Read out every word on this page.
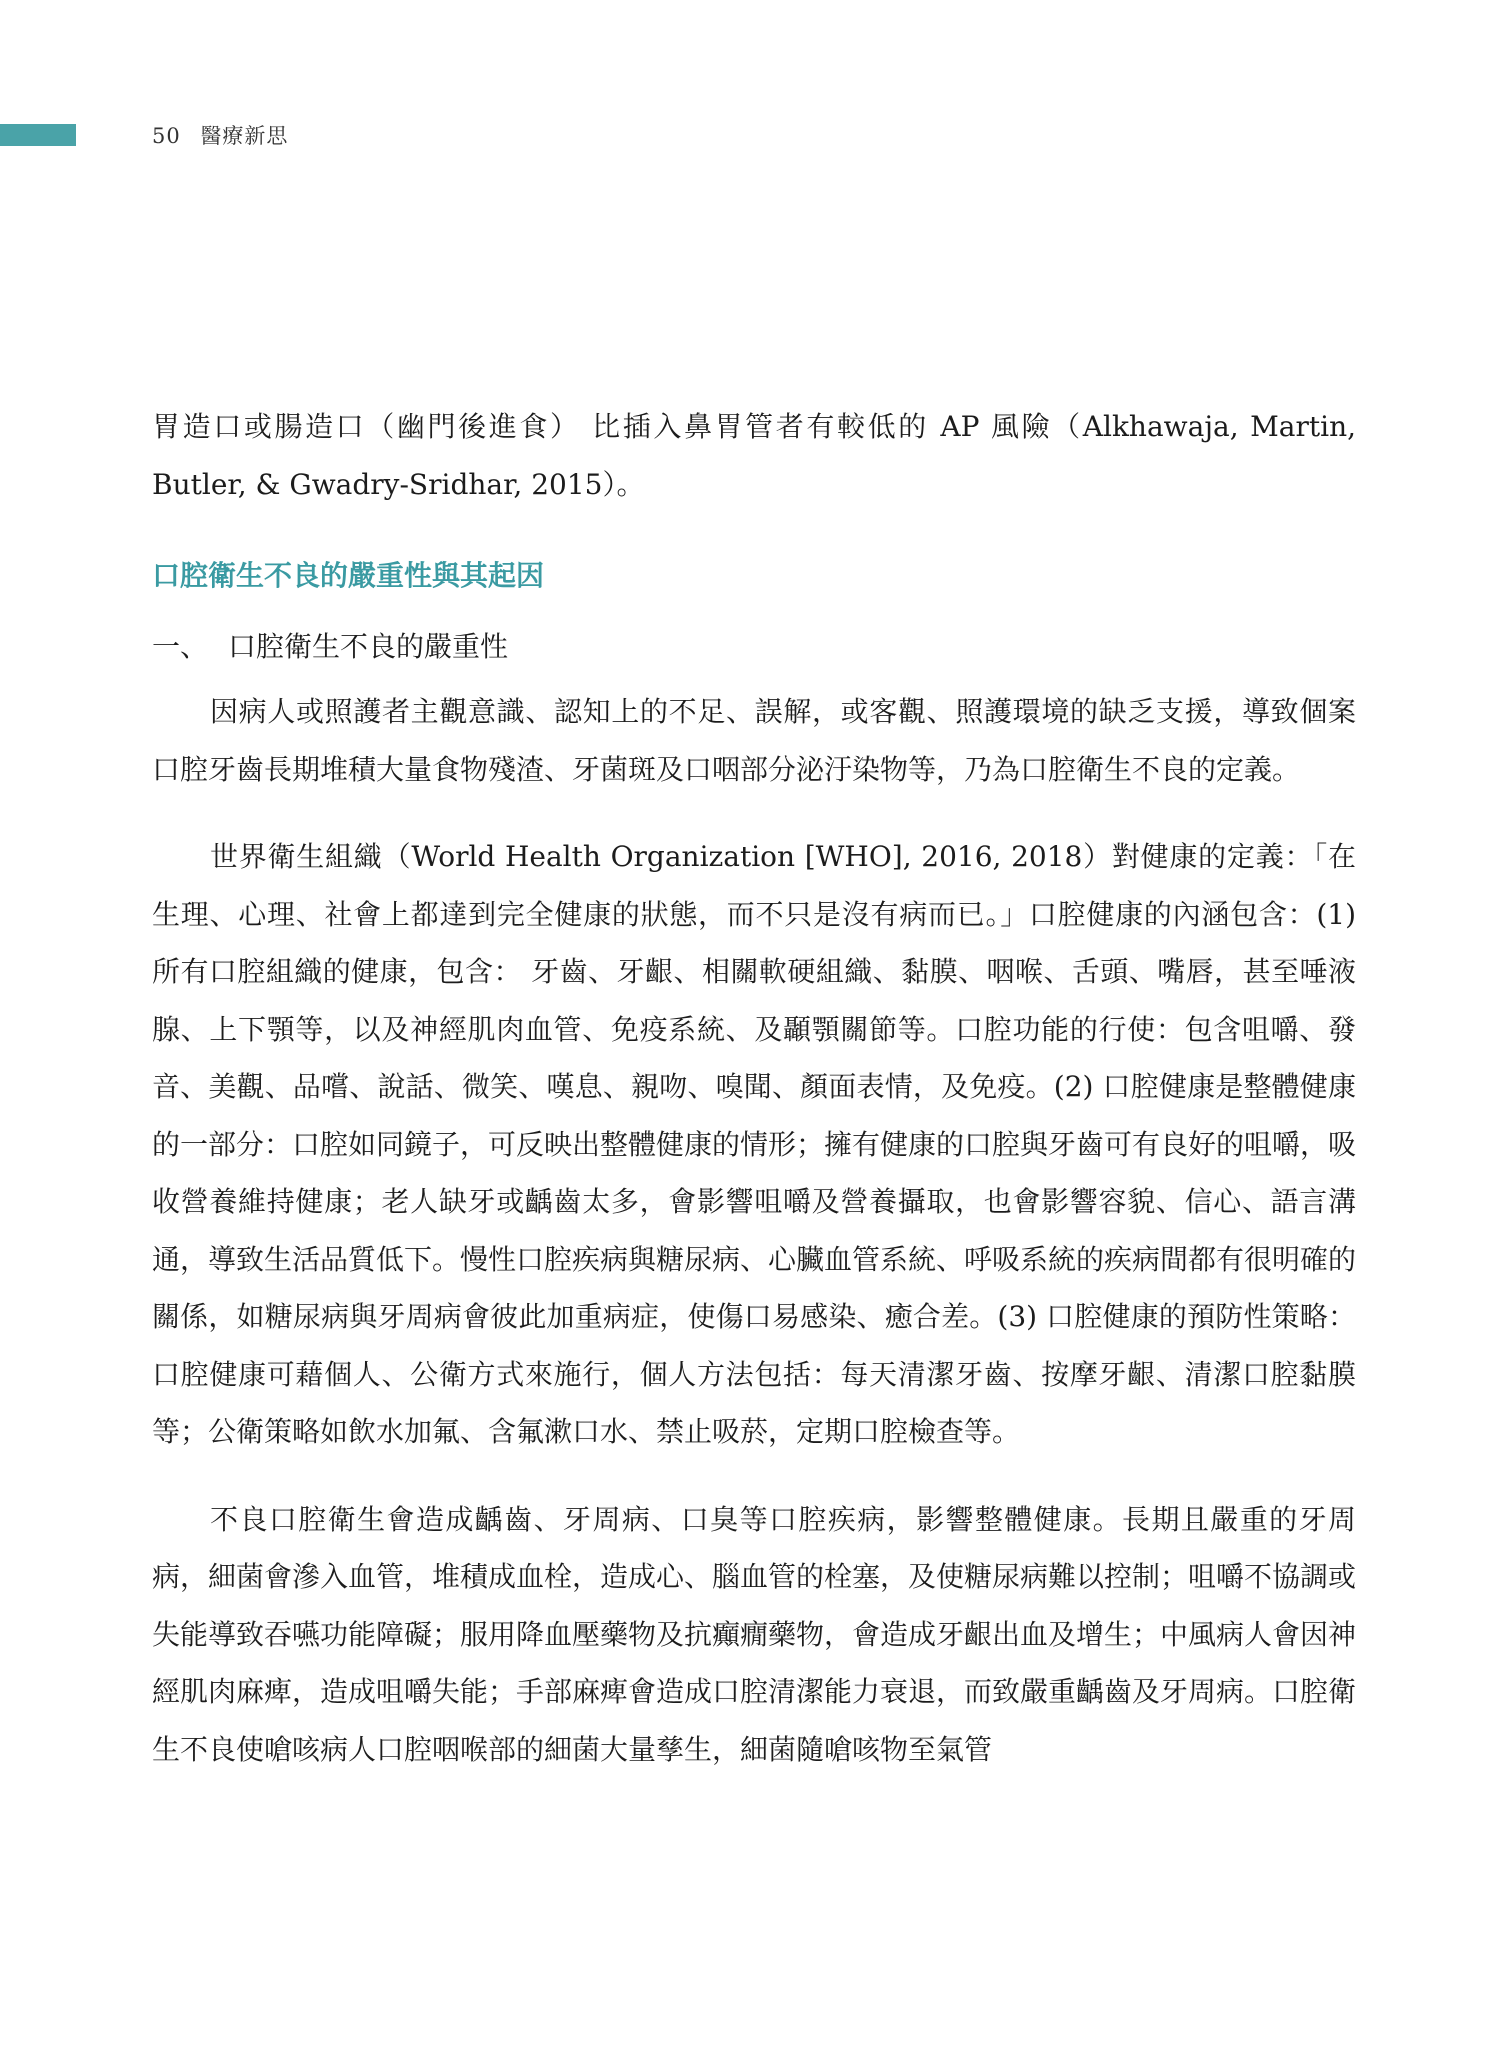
50 醫療新思

胃造口或腸造口（幽門後進食） 比插入鼻胃管者有較低的 AP 風險（Alkhawaja, Martin, Butler, & Gwadry-Sridhar, 2015）。

口腔衛生不良的嚴重性與其起因
一、 口腔衛生不良的嚴重性

因病人或照護者主觀意識、認知上的不足、誤解，或客觀、照護環境的缺乏支援，導致個案口腔牙齒長期堆積大量食物殘渣、牙菌斑及口咽部分泌汙染物等，乃為口腔衛生不良的定義。

世界衛生組織（World Health Organization [WHO], 2016, 2018）對健康的定義：「在生理、心理、社會上都達到完全健康的狀態，而不只是沒有病而已。」口腔健康的內涵包含：(1) 所有口腔組織的健康，包含： 牙齒、牙齦、相關軟硬組織、黏膜、咽喉、舌頭、嘴唇，甚至唾液腺、上下顎等，以及神經肌肉血管、免疫系統、及顳顎關節等。口腔功能的行使：包含咀嚼、發音、美觀、品嚐、說話、微笑、嘆息、親吻、嗅聞、顏面表情，及免疫。(2) 口腔健康是整體健康的一部分：口腔如同鏡子，可反映出整體健康的情形；擁有健康的口腔與牙齒可有良好的咀嚼，吸收營養維持健康；老人缺牙或齲齒太多，會影響咀嚼及營養攝取，也會影響容貌、信心、語言溝通，導致生活品質低下。慢性口腔疾病與糖尿病、心臟血管系統、呼吸系統的疾病間都有很明確的關係，如糖尿病與牙周病會彼此加重病症，使傷口易感染、癒合差。(3) 口腔健康的預防性策略：口腔健康可藉個人、公衛方式來施行，個人方法包括：每天清潔牙齒、按摩牙齦、清潔口腔黏膜等；公衛策略如飲水加氟、含氟漱口水、禁止吸菸，定期口腔檢查等。

不良口腔衛生會造成齲齒、牙周病、口臭等口腔疾病，影響整體健康。長期且嚴重的牙周病，細菌會滲入血管，堆積成血栓，造成心、腦血管的栓塞，及使糖尿病難以控制；咀嚼不協調或失能導致吞嚥功能障礙；服用降血壓藥物及抗癲癇藥物，會造成牙齦出血及增生；中風病人會因神經肌肉麻痺，造成咀嚼失能；手部麻痺會造成口腔清潔能力衰退，而致嚴重齲齒及牙周病。口腔衛生不良使嗆咳病人口腔咽喉部的細菌大量孳生，細菌隨嗆咳物至氣管
